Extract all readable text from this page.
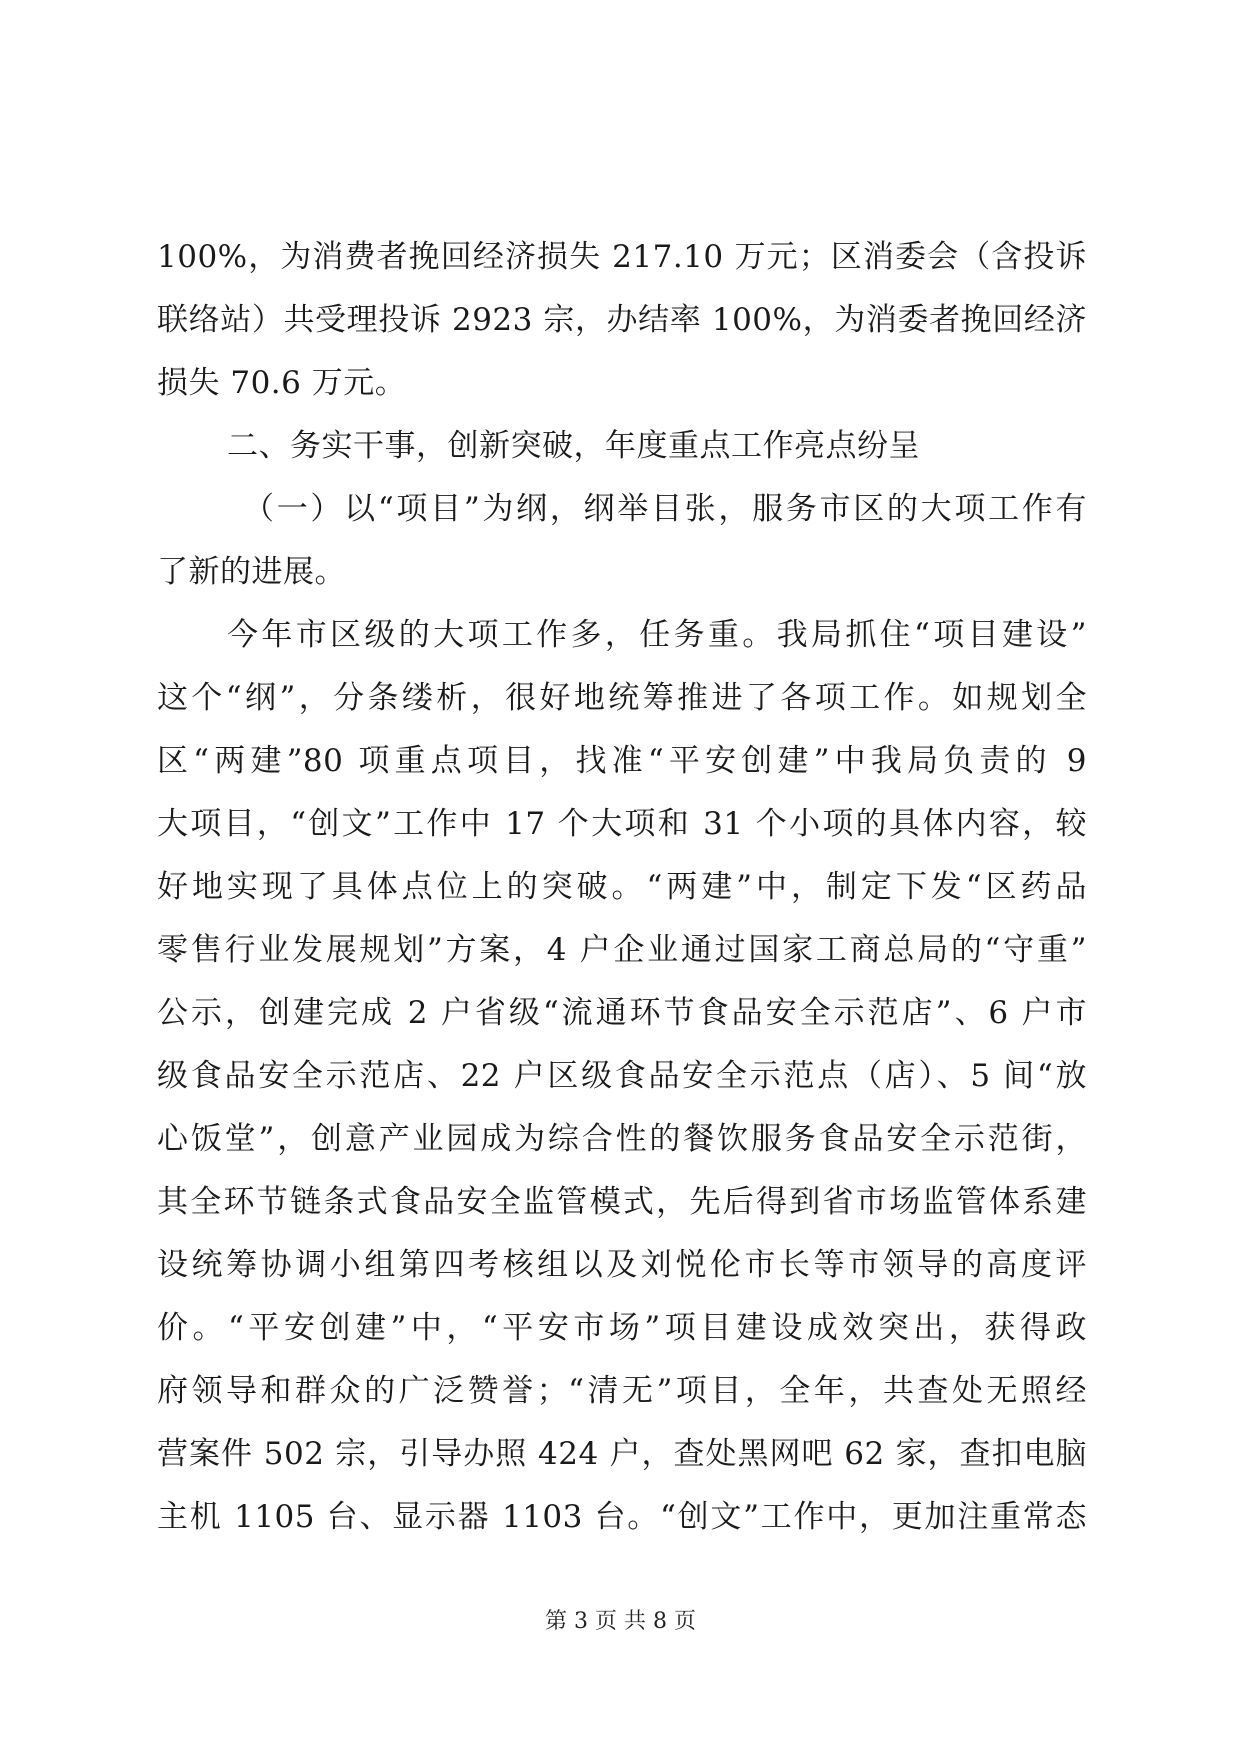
100%，为消费者挽回经济损失 217.10 万元；区消委会（含投诉
联络站）共受理投诉 2923 宗，办结率 100%，为消委者挽回经济
损失 70.6 万元。
二、务实干事，创新突破，年度重点工作亮点纷呈
（一）以“项目”为纲，纲举目张，服务市区的大项工作有
了新的进展。
今年市区级的大项工作多，任务重。我局抓住“项目建设”
这个“纲”，分条缕析，很好地统筹推进了各项工作。如规划全
区“两建”80 项重点项目，找准“平安创建”中我局负责的 9
大项目，“创文”工作中 17 个大项和 31 个小项的具体内容，较
好地实现了具体点位上的突破。“两建”中，制定下发“区药品
零售行业发展规划”方案，4 户企业通过国家工商总局的“守重”
公示，创建完成 2 户省级“流通环节食品安全示范店”、6 户市
级食品安全示范店、22 户区级食品安全示范点（店）、5 间“放
心饭堂”，创意产业园成为综合性的餐饮服务食品安全示范街，
其全环节链条式食品安全监管模式，先后得到省市场监管体系建
设统筹协调小组第四考核组以及刘悦伦市长等市领导的高度评
价。“平安创建”中，“平安市场”项目建设成效突出，获得政
府领导和群众的广泛赞誉；“清无”项目，全年，共查处无照经
营案件 502 宗，引导办照 424 户，查处黑网吧 62 家，查扣电脑
主机 1105 台、显示器 1103 台。“创文”工作中，更加注重常态
第 3 页 共 8 页
